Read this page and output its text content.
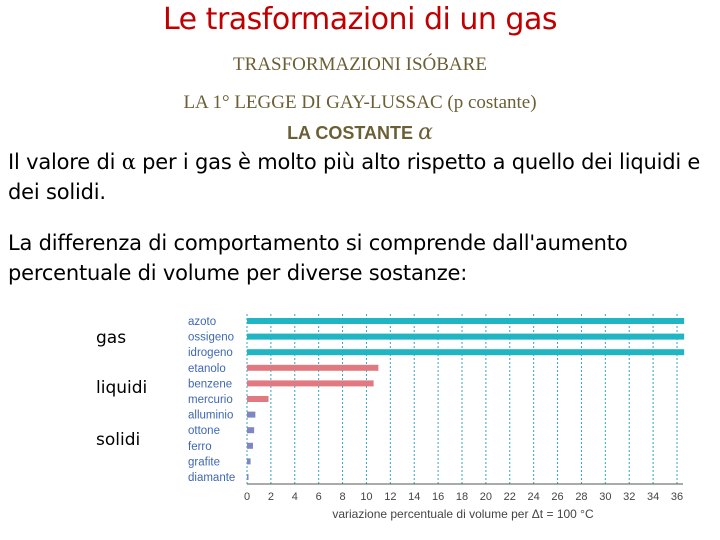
Le trasformazioni di un gas
TRASFORMAZIONI ISÓBARE
LA 1° LEGGE DI GAY-LUSSAC (p costante)
LA COSTANTE α
Il valore di α per i gas è molto più alto rispetto a quello dei liquidi e dei solidi.
La differenza di comportamento si comprende dall'aumento percentuale di volume per diverse sostanze:
gas
liquidi
solidi
azoto
ossigeno
idrogeno
etanolo
benzene
mercurio
alluminio
ottone
ferro
grafite
diamante
0 2 4 6 8 10 12 14 16 18 20 22 24 26 28 30 32 34 36
variazione percentuale di volume per Δt = 100 °C
